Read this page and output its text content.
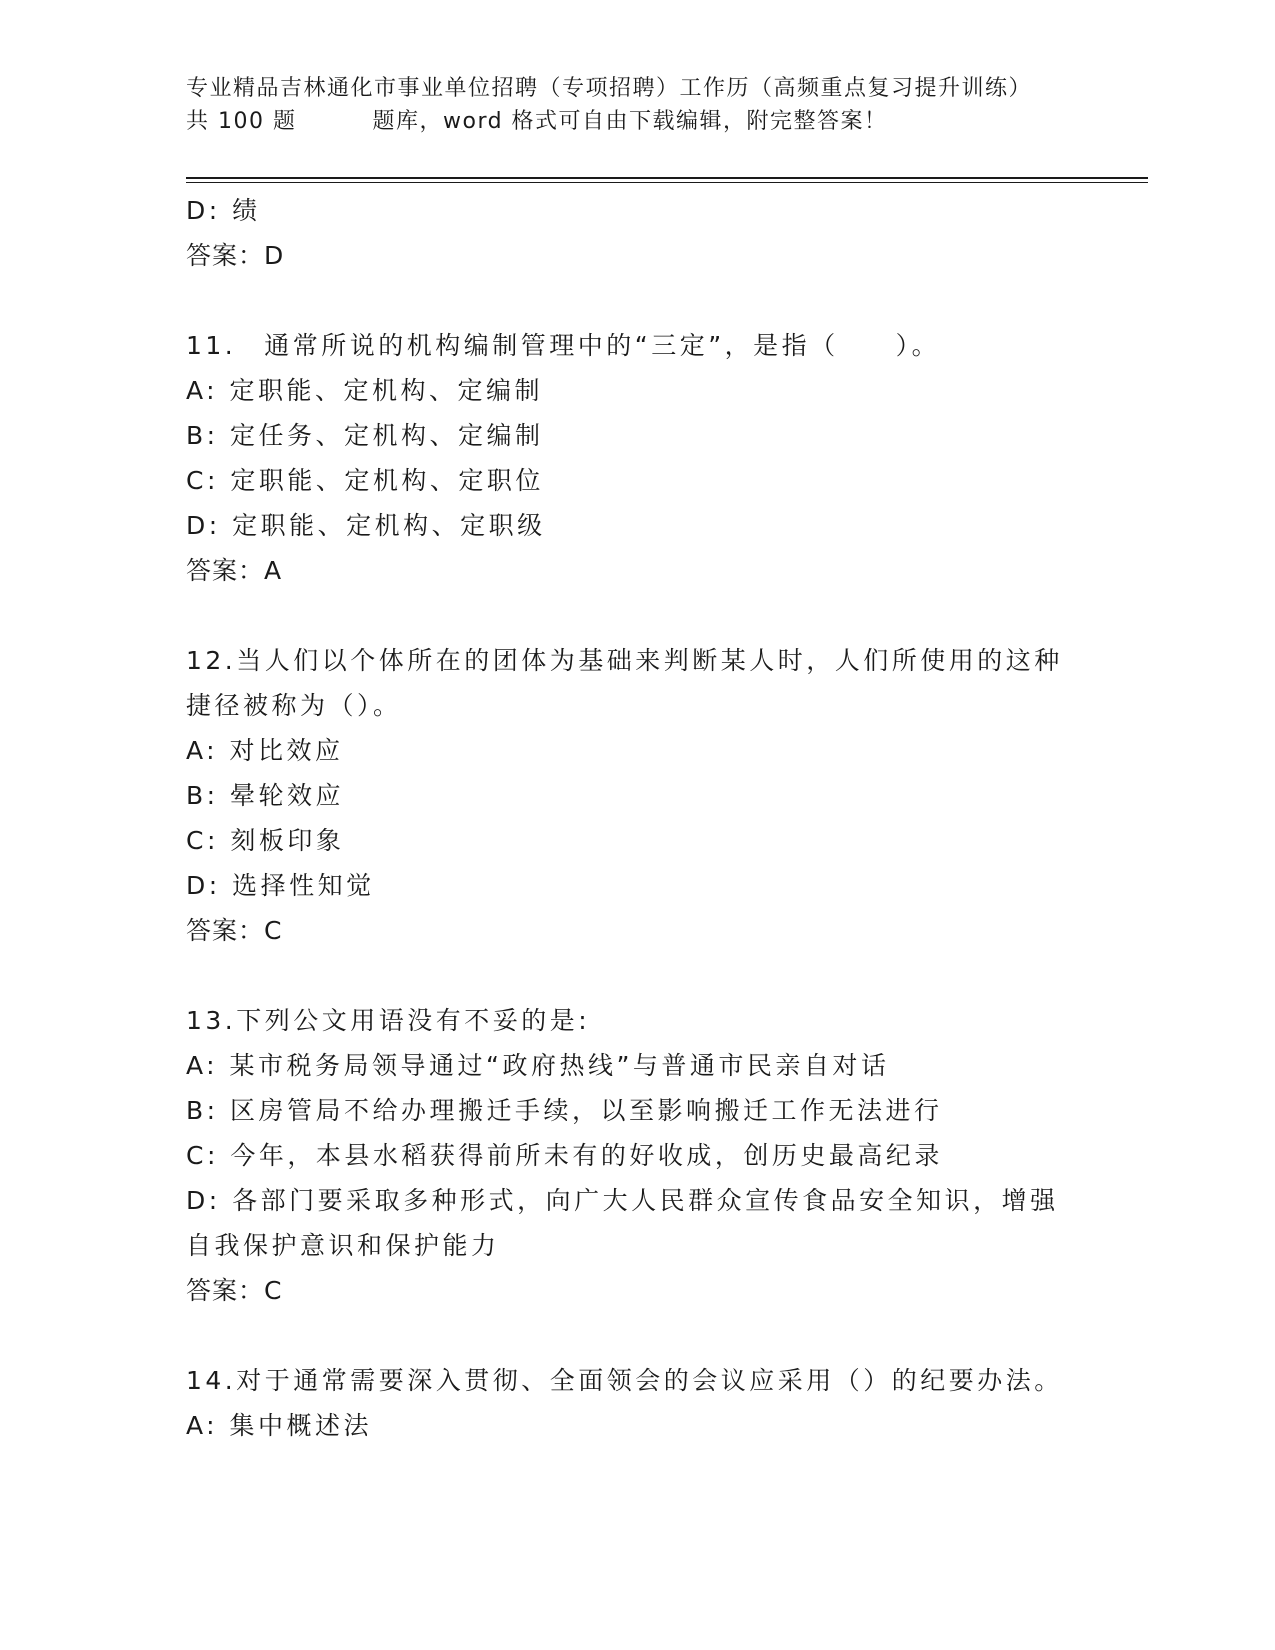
专业精品吉林通化市事业单位招聘（专项招聘）工作历（高频重点复习提升训练）
共 100 题	题库，word 格式可自由下载编辑，附完整答案！
D: 绩
答案：D
11. 通常所说的机构编制管理中的“三定”，是指（　　）。
A: 定职能、定机构、定编制
B: 定任务、定机构、定编制
C: 定职能、定机构、定职位
D: 定职能、定机构、定职级
答案：A
12.当人们以个体所在的团体为基础来判断某人时，人们所使用的这种
捷径被称为（）。
A: 对比效应
B: 晕轮效应
C: 刻板印象
D: 选择性知觉
答案：C
13.下列公文用语没有不妥的是:
A: 某市税务局领导通过“政府热线”与普通市民亲自对话
B: 区房管局不给办理搬迁手续，以至影响搬迁工作无法进行
C: 今年，本县水稻获得前所未有的好收成，创历史最高纪录
D: 各部门要采取多种形式，向广大人民群众宣传食品安全知识，增强
自我保护意识和保护能力
答案：C
14.对于通常需要深入贯彻、全面领会的会议应采用（）的纪要办法。
A: 集中概述法
